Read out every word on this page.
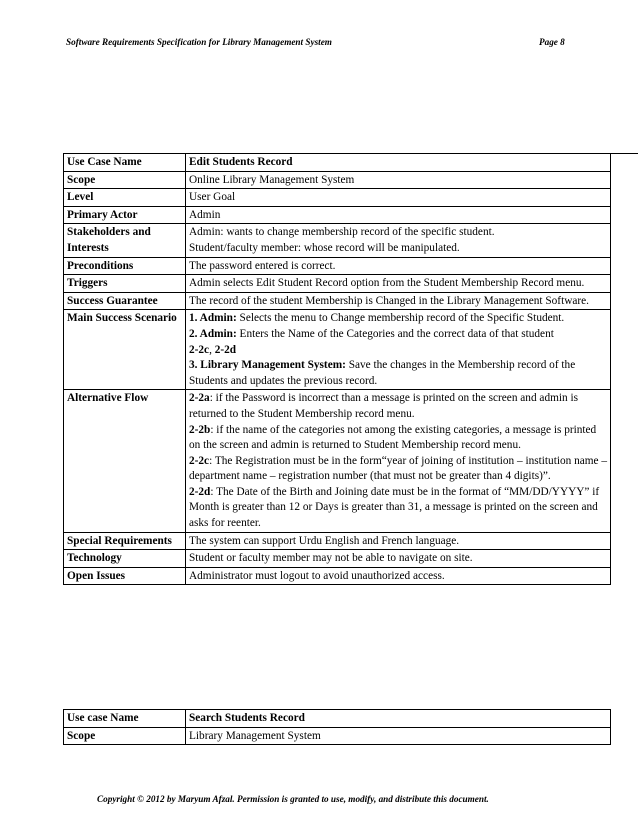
Software Requirements Specification for Library Management System	Page 8
Use Case Name	Edit Students Record
Scope	Online Library Management System
Level	User Goal
Primary Actor	Admin
Stakeholders and Interests	Admin: wants to change membership record of the specific student.
Student/faculty member: whose record will be manipulated.

Preconditions	The password entered is correct.
Triggers	Admin selects Edit Student Record option from the Student Membership Record menu.
Success Guarantee	The record of the student Membership is Changed in the Library Management Software.
Main Success Scenario	1. Admin: Selects the menu to Change membership record of the Specific Student.
2. Admin: Enters the Name of the Categories and the correct data of that student
2-2c, 2-2d
3. Library Management System: Save the changes in the Membership record of the Students and updates the previous record.

Alternative Flow	2-2a: if the Password is incorrect than a message is printed on the screen and admin is returned to the Student Membership record menu.
2-2b: if the name of the categories not among the existing categories, a message is printed on the screen and admin is returned to Student Membership record menu.
2-2c: The Registration must be in the form“year of joining of institution – institution name – department name – registration number (that must not be greater than 4 digits)”.
2-2d: The Date of the Birth and Joining date must be in the format of “MM/DD/YYYY” if Month is greater than 12 or Days is greater than 31, a message is printed on the screen and asks for reenter.

Special Requirements	The system can support Urdu English and French language.
Technology	Student or faculty member may not be able to navigate on site.
Open Issues	Administrator must logout to avoid unauthorized access.
Use case Name	Search Students Record
Scope	Library Management System
Copyright © 2012 by Maryum Afzal. Permission is granted to use, modify, and distribute this document.
